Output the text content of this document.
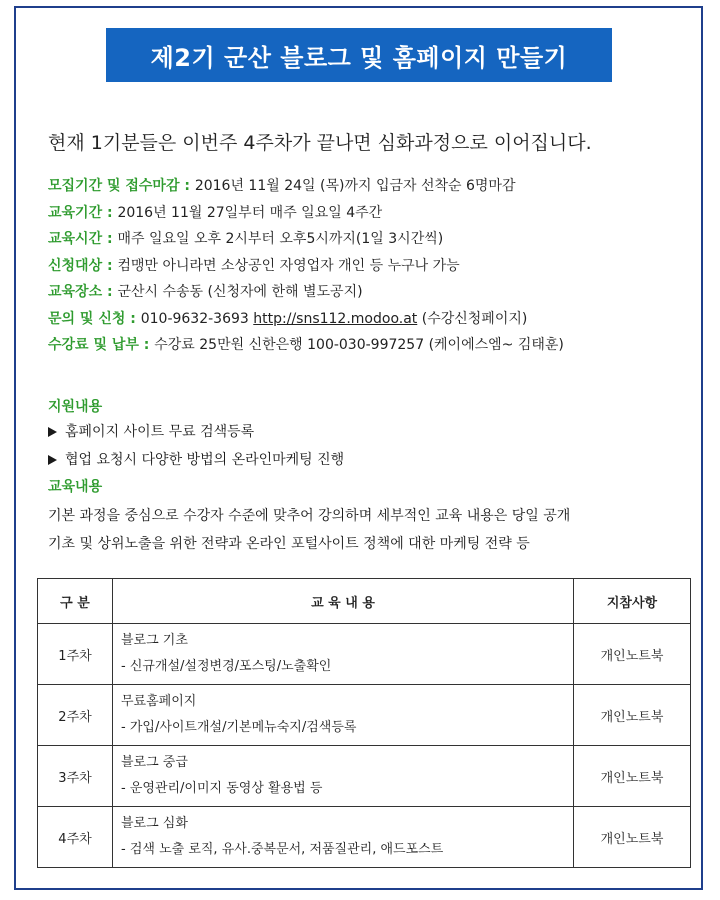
제2기 군산 블로그 및 홈페이지 만들기
현재 1기분들은 이번주 4주차가 끝나면 심화과정으로 이어집니다.
모집기간 및 접수마감 : 2016년 11월 24일 (목)까지 입금자 선착순 6명마감
교육기간 : 2016년 11월 27일부터 매주 일요일 4주간
교육시간 : 매주 일요일 오후 2시부터 오후5시까지(1일 3시간씩)
신청대상 : 컴맹만 아니라면 소상공인 자영업자 개인 등 누구나 가능
교육장소 : 군산시 수송동 (신청자에 한해 별도공지)
문의 및 신청 : 010-9632-3693 http://sns112.modoo.at (수강신청페이지)
수강료 및 납부 : 수강료 25만원 신한은행 100-030-997257 (케이에스엠~ 김태훈)
지원내용
홈페이지 사이트 무료 검색등록
협업 요청시 다양한 방법의 온라인마케팅 진행
교육내용

기본 과정을 중심으로 수강자 수준에 맞추어 강의하며 세부적인 교육 내용은 당일 공개

기초 및 상위노출을 위한 전략과 온라인 포털사이트 정책에 대한 마케팅 전략 등

구 분	교 육 내 용	지참사항
1주차	블로그 기초
- 신규개설/설정변경/포스팅/노출확인	개인노트북
2주차	무료홈페이지
- 가입/사이트개설/기본메뉴숙지/검색등록	개인노트북
3주차	블로그 중급
- 운영관리/이미지 동영상 활용법 등	개인노트북
4주차	블로그 심화
- 검색 노출 로직, 유사.중복문서, 저품질관리, 애드포스트	개인노트북
